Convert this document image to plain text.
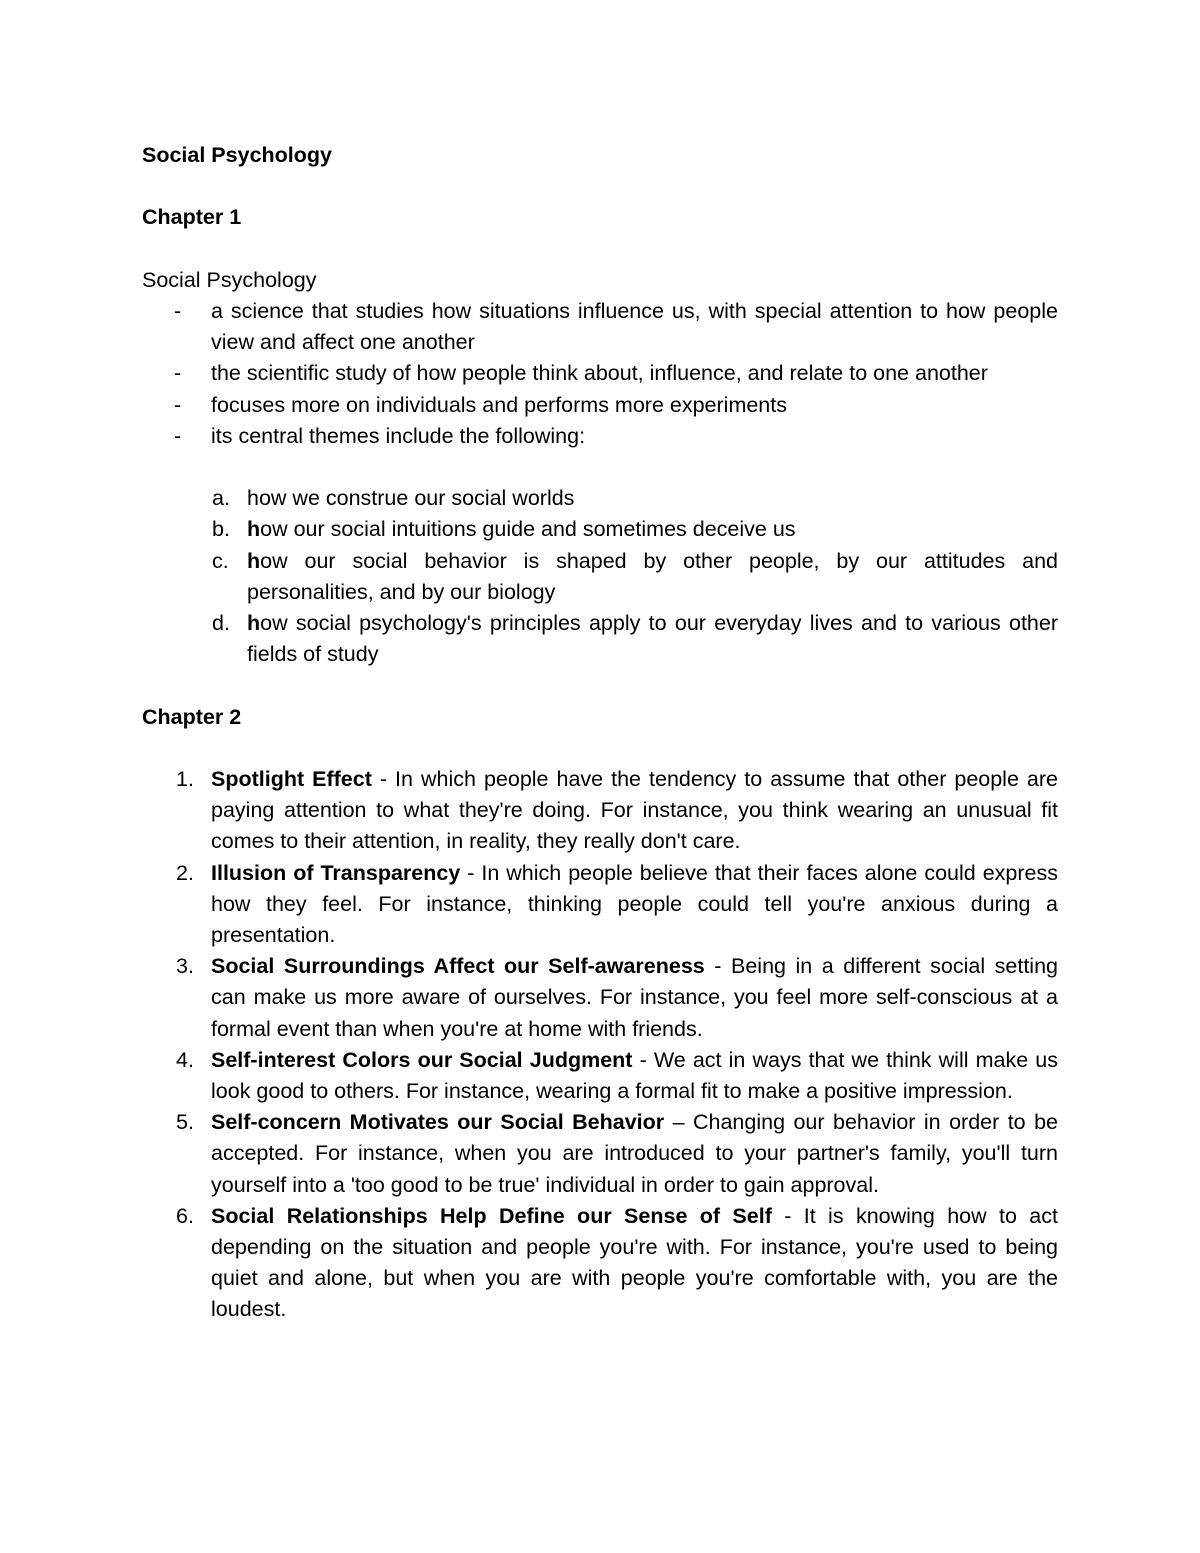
Social Psychology

Chapter 1

Social Psychology

- a science that studies how situations influence us, with special attention to how people view and affect one another
- the scientific study of how people think about, influence, and relate to one another
- focuses more on individuals and performs more experiments
- its central themes include the following:
a. how we construe our social worlds
b. how our social intuitions guide and sometimes deceive us
c. how our social behavior is shaped by other people, by our attitudes and personalities, and by our biology
d. how social psychology's principles apply to our everyday lives and to various other fields of study

Chapter 2

1. Spotlight Effect - In which people have the tendency to assume that other people are paying attention to what they're doing. For instance, you think wearing an unusual fit comes to their attention, in reality, they really don't care.
2. Illusion of Transparency - In which people believe that their faces alone could express how they feel. For instance, thinking people could tell you're anxious during a presentation.
3. Social Surroundings Affect our Self-awareness - Being in a different social setting can make us more aware of ourselves. For instance, you feel more self-conscious at a formal event than when you're at home with friends.
4. Self-interest Colors our Social Judgment - We act in ways that we think will make us look good to others. For instance, wearing a formal fit to make a positive impression.
5. Self-concern Motivates our Social Behavior – Changing our behavior in order to be accepted. For instance, when you are introduced to your partner's family, you'll turn yourself into a 'too good to be true' individual in order to gain approval.
6. Social Relationships Help Define our Sense of Self - It is knowing how to act depending on the situation and people you're with. For instance, you're used to being quiet and alone, but when you are with people you're comfortable with, you are the loudest.
